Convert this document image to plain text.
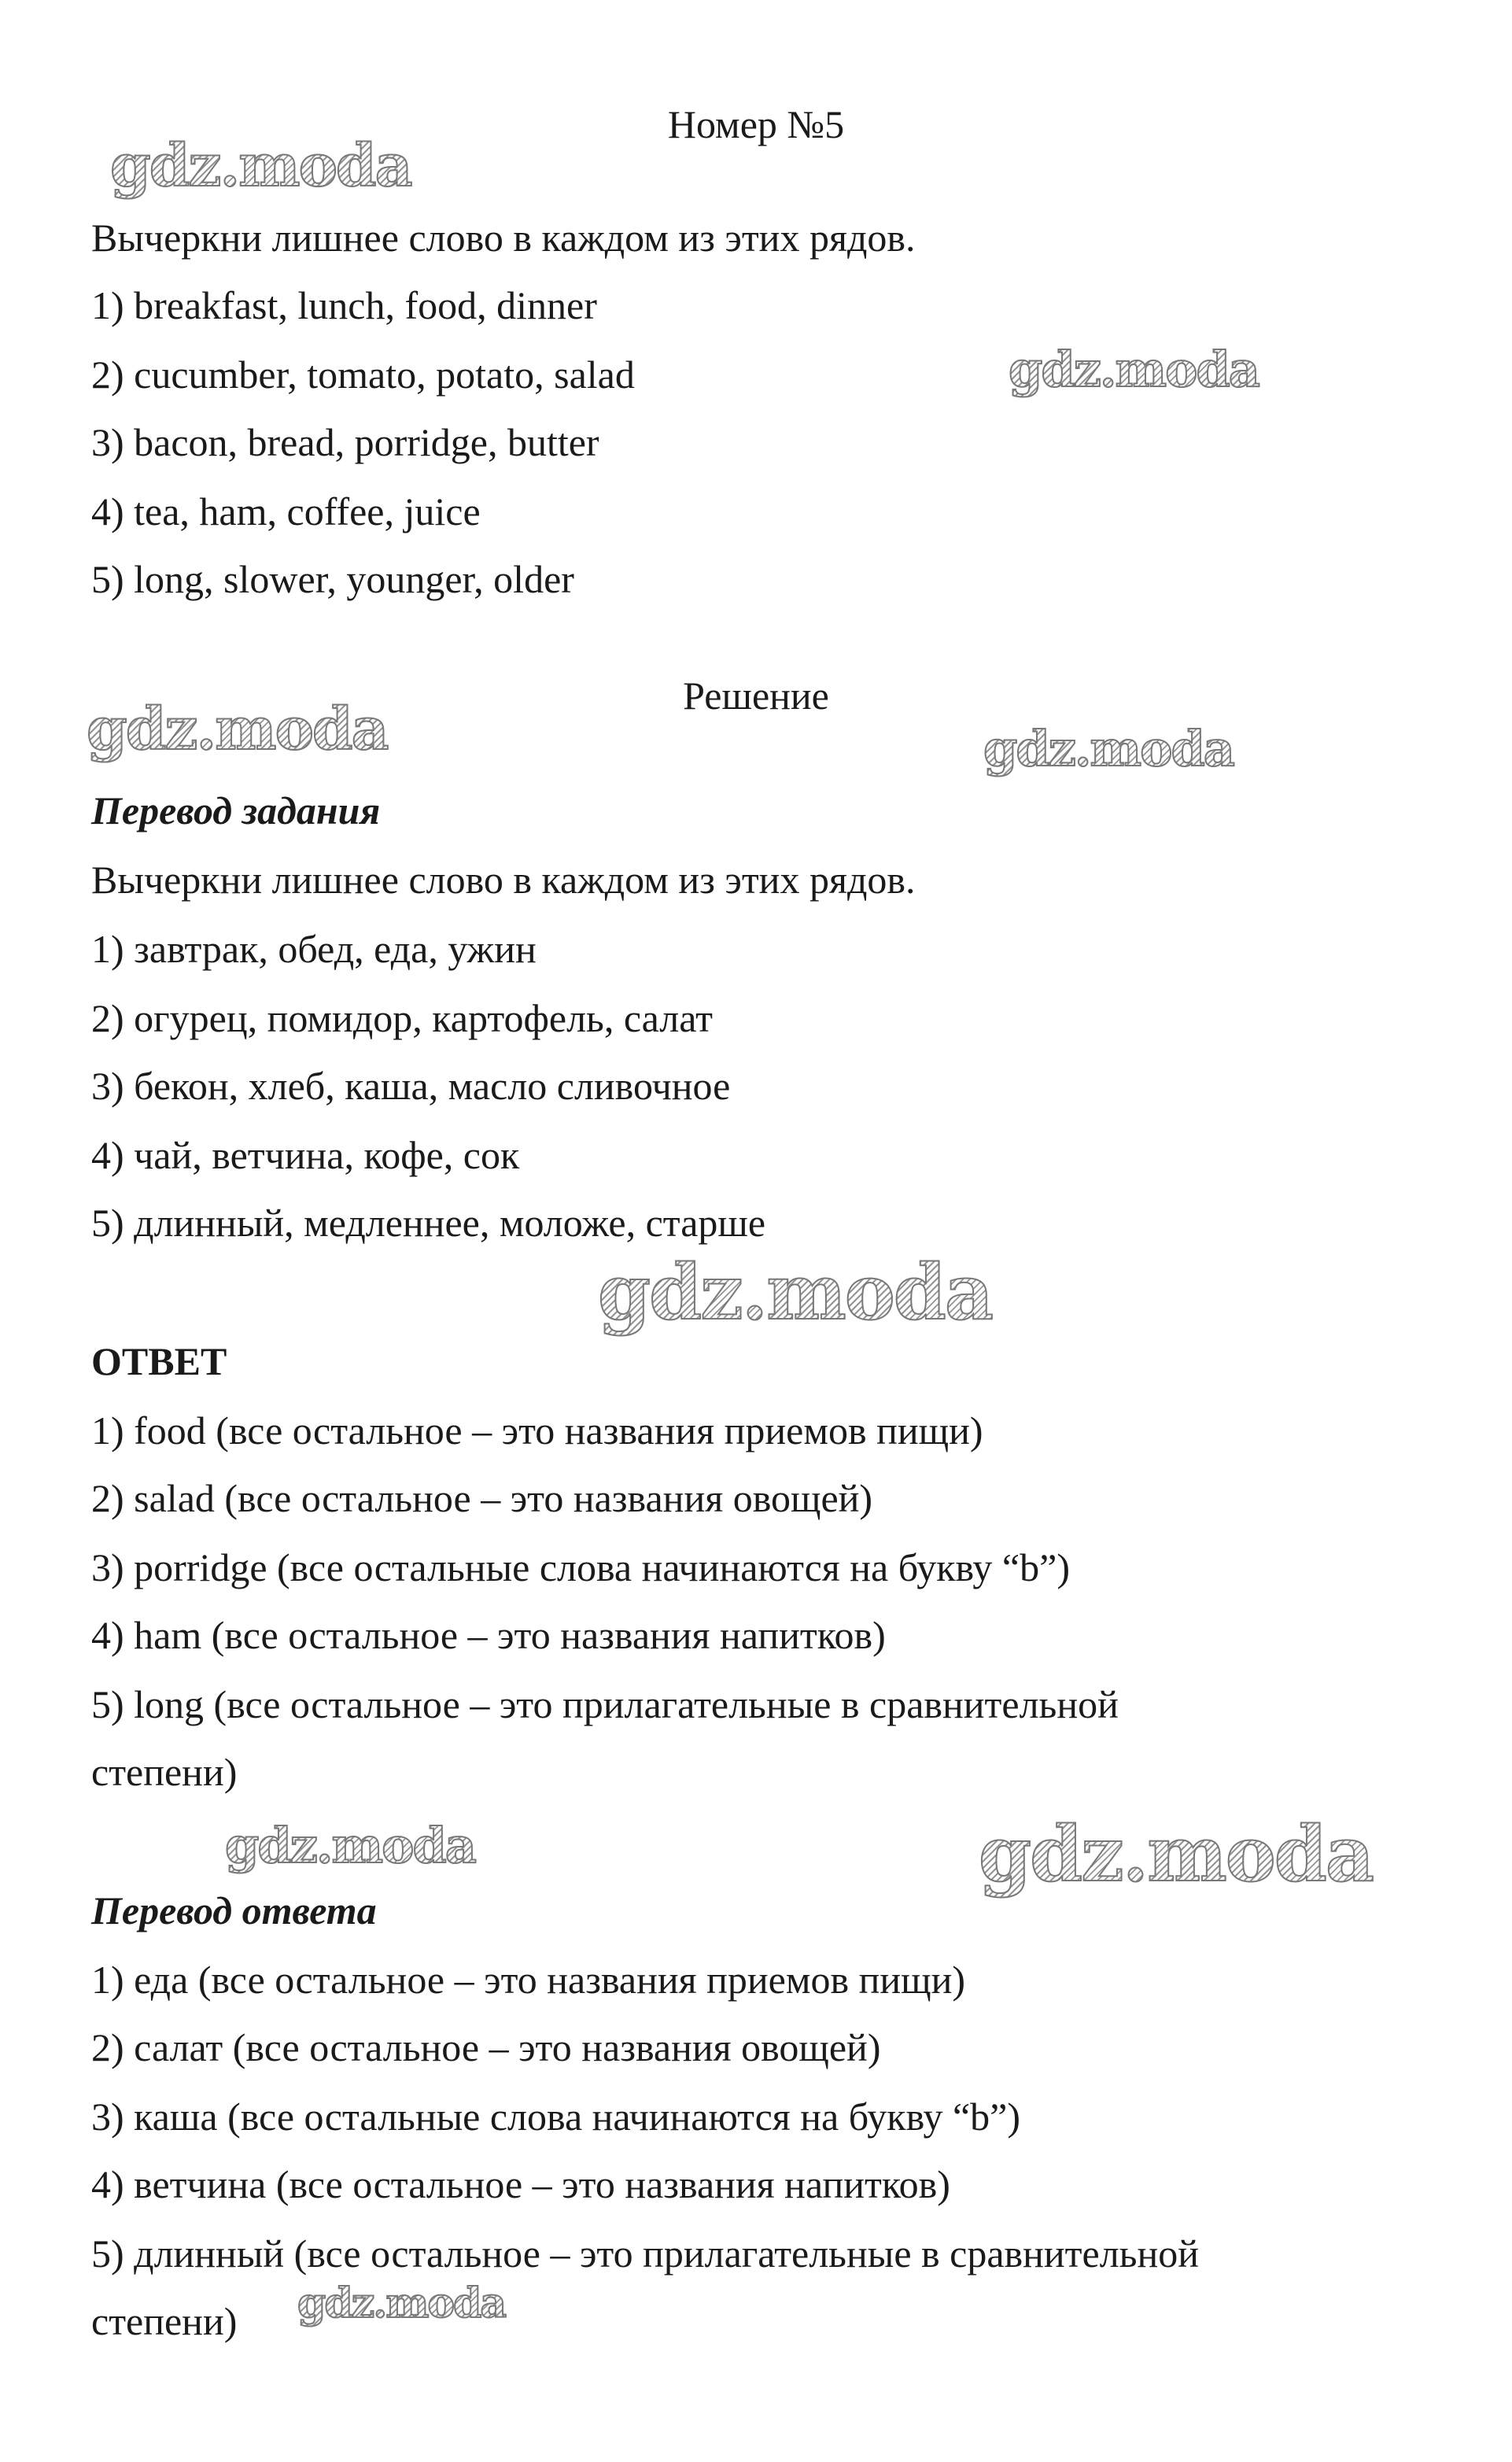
Номер №5
Вычеркни лишнее слово в каждом из этих рядов.
1) breakfast, lunch, food, dinner
2) cucumber, tomato, potato, salad
3) bacon, bread, porridge, butter
4) tea, ham, coffee, juice
5) long, slower, younger, older
Решение
Перевод задания
Вычеркни лишнее слово в каждом из этих рядов.
1) завтрак, обед, еда, ужин
2) огурец, помидор, картофель, салат
3) бекон, хлеб, каша, масло сливочное
4) чай, ветчина, кофе, сок
5) длинный, медленнее, моложе, старше
ОТВЕТ
1) food (все остальное – это названия приемов пищи)
2) salad (все остальное – это названия овощей)
3) porridge (все остальные слова начинаются на букву “b”)
4) ham (все остальное – это названия напитков)
5) long (все остальное – это прилагательные в сравнительной
степени)
Перевод ответа
1) еда (все остальное – это названия приемов пищи)
2) салат (все остальное – это названия овощей)
3) каша (все остальные слова начинаются на букву “b”)
4) ветчина (все остальное – это названия напитков)
5) длинный (все остальное – это прилагательные в сравнительной
степени)
gdz.moda
gdz.moda
gdz.moda	gdz.moda
gdz.moda
gdz.moda	gdz.moda
gdz.moda
